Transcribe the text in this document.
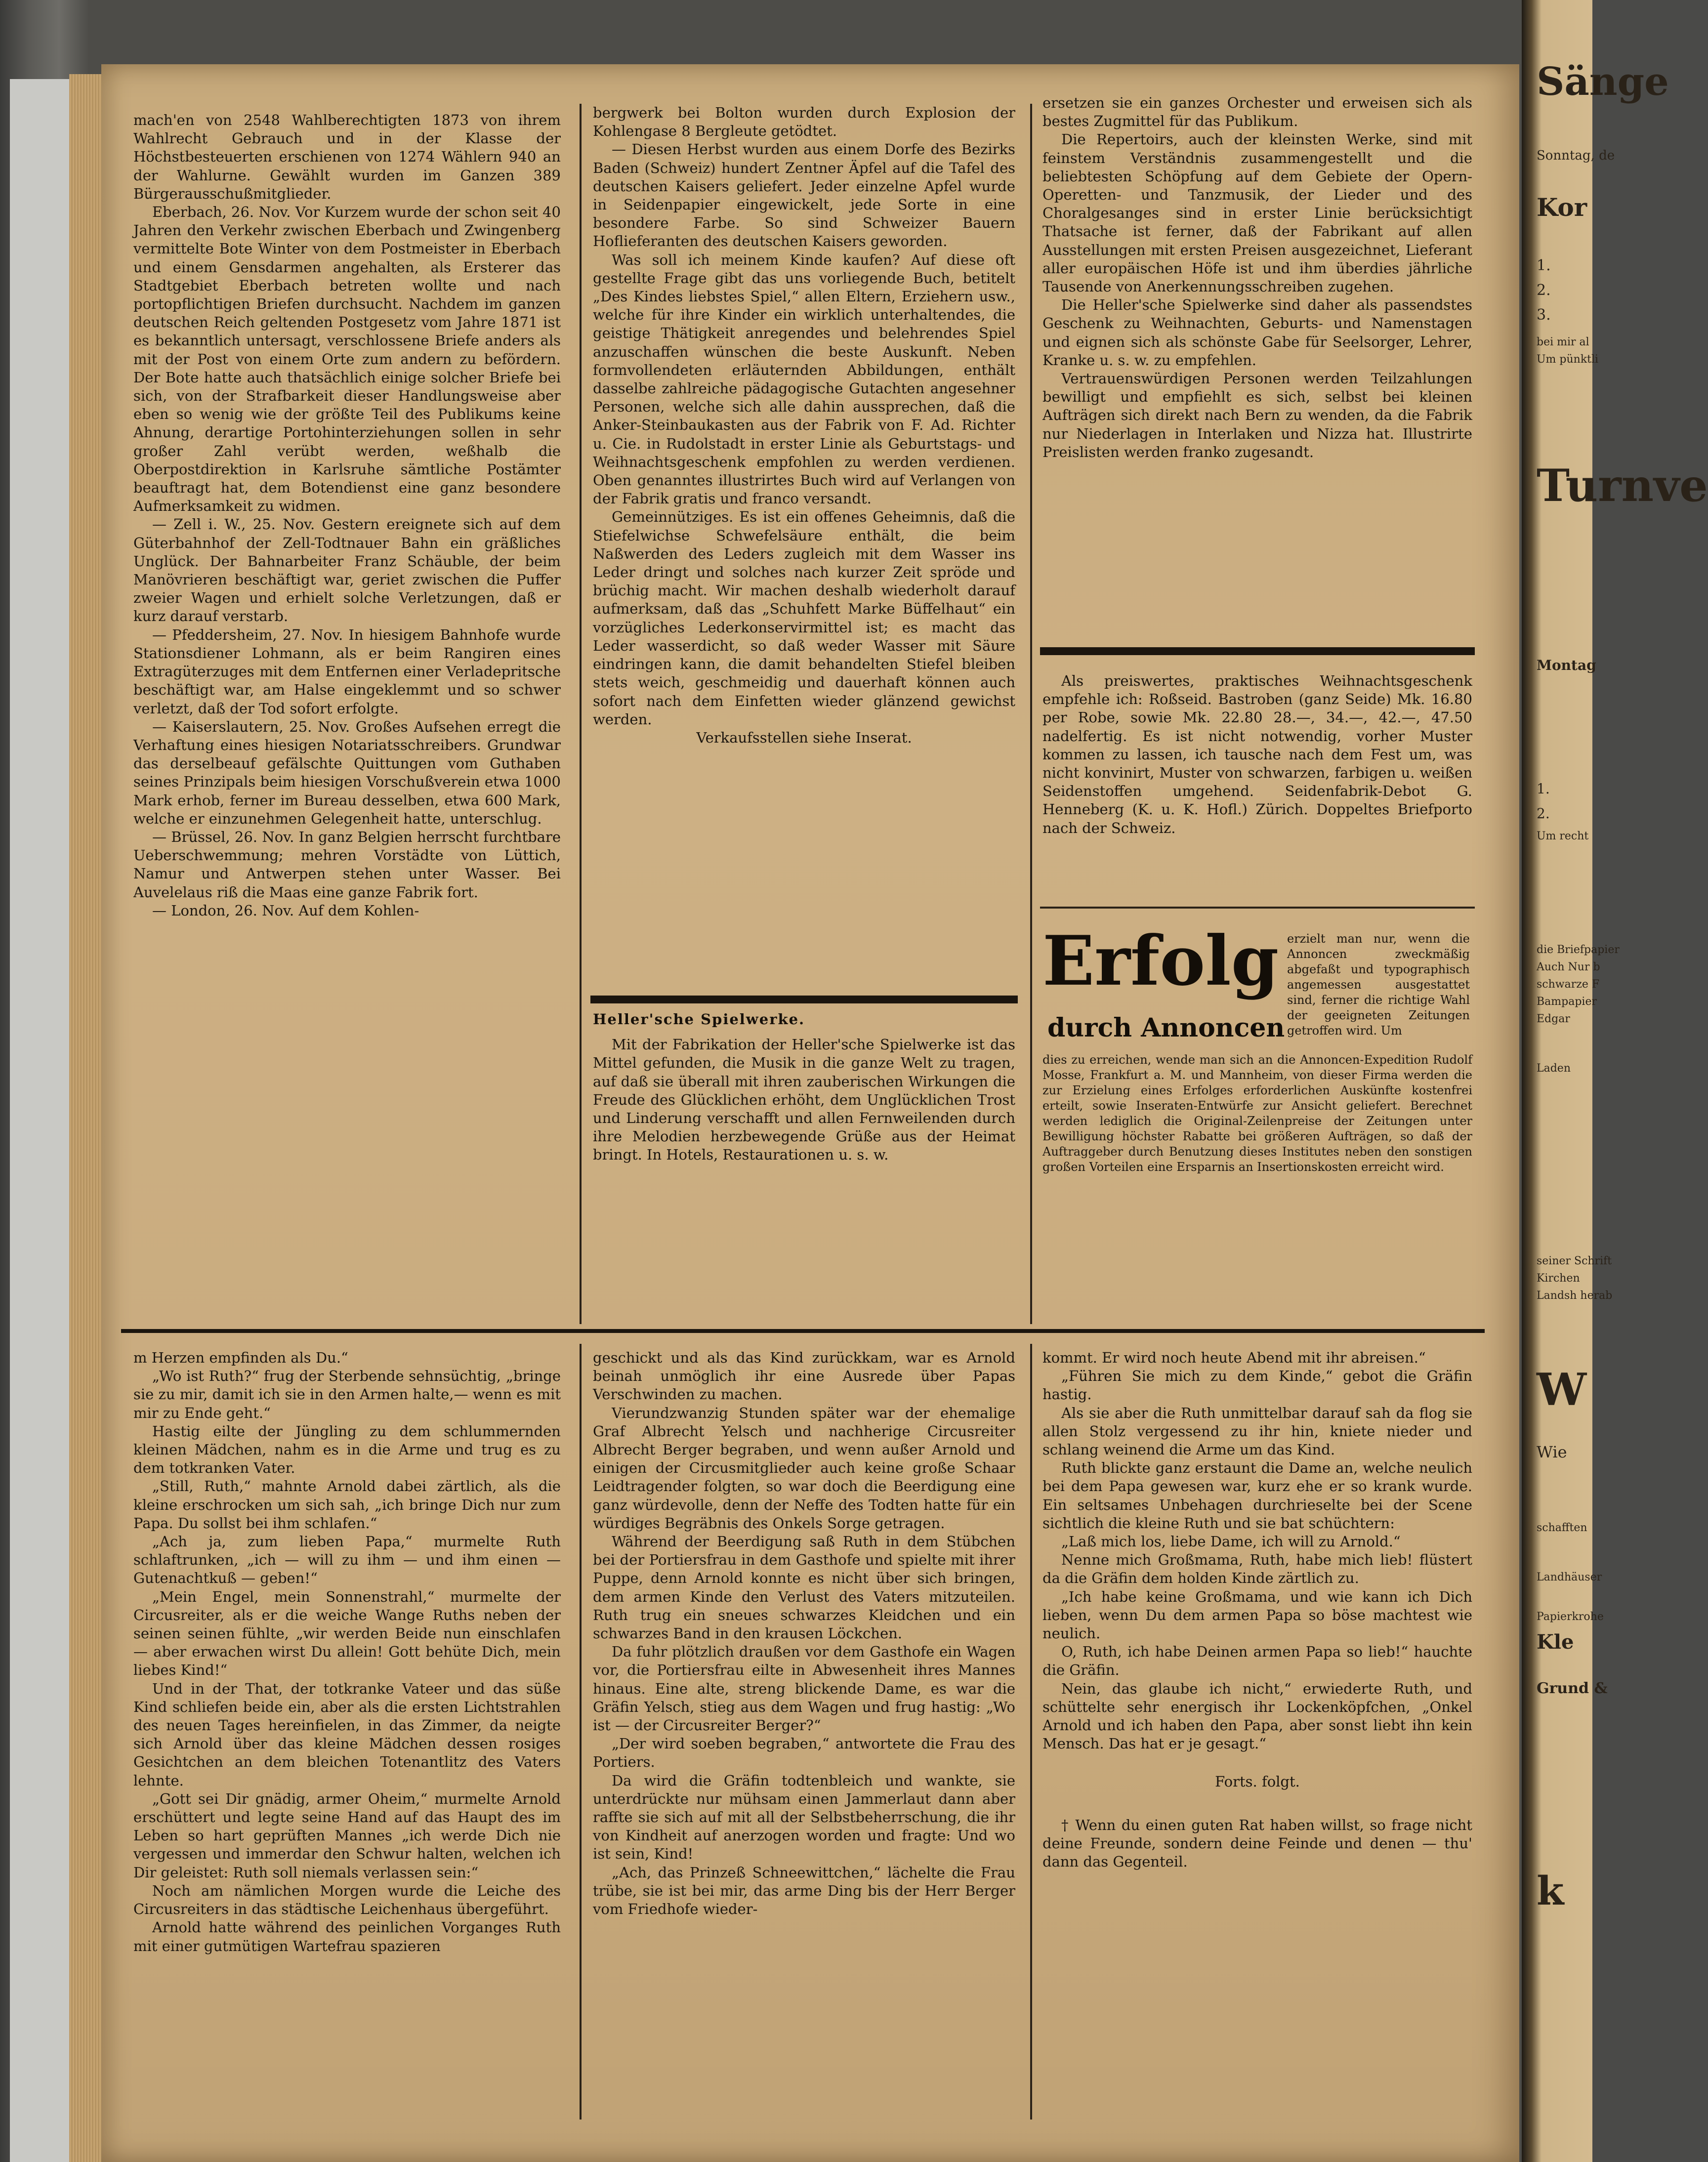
mach'en von 2548 Wahlberechtigten 1873 von ihrem Wahlrecht Gebrauch und in der Klasse der Höchstbesteuerten erschienen von 1274 Wählern 940 an der Wahlurne. Gewählt wurden im Ganzen 389 Bürgerausschußmitglieder.

Eberbach, 26. Nov. Vor Kurzem wurde der schon seit 40 Jahren den Verkehr zwischen Eberbach und Zwingenberg vermittelte Bote Winter von dem Postmeister in Eberbach und einem Gensdarmen angehalten, als Ersterer das Stadtgebiet Eberbach betreten wollte und nach portopflichtigen Briefen durchsucht. Nachdem im ganzen deutschen Reich geltenden Postgesetz vom Jahre 1871 ist es bekanntlich untersagt, verschlossene Briefe anders als mit der Post von einem Orte zum andern zu befördern. Der Bote hatte auch thatsächlich einige solcher Briefe bei sich, von der Strafbarkeit dieser Handlungsweise aber eben so wenig wie der größte Teil des Publikums keine Ahnung, derartige Portohinterziehungen sollen in sehr großer Zahl verübt werden, weßhalb die Oberpostdirektion in Karlsruhe sämtliche Postämter beauftragt hat, dem Botendienst eine ganz besondere Aufmerksamkeit zu widmen.

— Zell i. W., 25. Nov. Gestern ereignete sich auf dem Güterbahnhof der Zell-Todtnauer Bahn ein gräßliches Unglück. Der Bahnarbeiter Franz Schäuble, der beim Manövrieren beschäftigt war, geriet zwischen die Puffer zweier Wagen und erhielt solche Verletzungen, daß er kurz darauf verstarb.

— Pfeddersheim, 27. Nov. In hiesigem Bahnhofe wurde Stationsdiener Lohmann, als er beim Rangiren eines Extragüterzuges mit dem Entfernen einer Verladepritsche beschäftigt war, am Halse eingeklemmt und so schwer verletzt, daß der Tod sofort erfolgte.

— Kaiserslautern, 25. Nov. Großes Aufsehen erregt die Verhaftung eines hiesigen Notariatsschreibers. Grundwar das derselbeauf gefälschte Quittungen vom Guthaben seines Prinzipals beim hiesigen Vorschußverein etwa 1000 Mark erhob, ferner im Bureau desselben, etwa 600 Mark, welche er einzunehmen Gelegenheit hatte, unterschlug.

— Brüssel, 26. Nov. In ganz Belgien herrscht furchtbare Ueberschwemmung; mehren Vorstädte von Lüttich, Namur und Antwerpen stehen unter Wasser. Bei Auvelelaus riß die Maas eine ganze Fabrik fort.

— London, 26. Nov. Auf dem Kohlen-

bergwerk bei Bolton wurden durch Explosion der Kohlengase 8 Bergleute getödtet.

— Diesen Herbst wurden aus einem Dorfe des Bezirks Baden (Schweiz) hundert Zentner Äpfel auf die Tafel des deutschen Kaisers geliefert. Jeder einzelne Apfel wurde in Seidenpapier eingewickelt, jede Sorte in eine besondere Farbe. So sind Schweizer Bauern Hoflieferanten des deutschen Kaisers geworden.

Was soll ich meinem Kinde kaufen? Auf diese oft gestellte Frage gibt das uns vorliegende Buch, betitelt „Des Kindes liebstes Spiel,“ allen Eltern, Erziehern usw., welche für ihre Kinder ein wirklich unterhaltendes, die geistige Thätigkeit anregendes und belehrendes Spiel anzuschaffen wünschen die beste Auskunft. Neben formvollendeten erläuternden Abbildungen, enthält dasselbe zahlreiche pädagogische Gutachten angesehner Personen, welche sich alle dahin aussprechen, daß die Anker-Steinbaukasten aus der Fabrik von F. Ad. Richter u. Cie. in Rudolstadt in erster Linie als Geburtstags- und Weihnachtsgeschenk empfohlen zu werden verdienen. Oben genanntes illustrirtes Buch wird auf Verlangen von der Fabrik gratis und franco versandt.

Gemeinnütziges. Es ist ein offenes Geheimnis, daß die Stiefelwichse Schwefelsäure enthält, die beim Naßwerden des Leders zugleich mit dem Wasser ins Leder dringt und solches nach kurzer Zeit spröde und brüchig macht. Wir machen deshalb wiederholt darauf aufmerksam, daß das „Schuhfett Marke Büffelhaut“ ein vorzügliches Lederkonservirmittel ist; es macht das Leder wasserdicht, so daß weder Wasser mit Säure eindringen kann, die damit behandelten Stiefel bleiben stets weich, geschmeidig und dauerhaft können auch sofort nach dem Einfetten wieder glänzend gewichst werden.

Verkaufsstellen siehe Inserat.

Heller'sche Spielwerke.

Mit der Fabrikation der Heller'sche Spielwerke ist das Mittel gefunden, die Musik in die ganze Welt zu tragen, auf daß sie überall mit ihren zauberischen Wirkungen die Freude des Glücklichen erhöht, dem Unglücklichen Trost und Linderung verschafft und allen Fernweilenden durch ihre Melodien herzbewegende Grüße aus der Heimat bringt. In Hotels, Restaurationen u. s. w.

ersetzen sie ein ganzes Orchester und erweisen sich als bestes Zugmittel für das Publikum.

Die Repertoirs, auch der kleinsten Werke, sind mit feinstem Verständnis zusammengestellt und die beliebtesten Schöpfung auf dem Gebiete der Opern-Operetten- und Tanzmusik, der Lieder und des Choralgesanges sind in erster Linie berücksichtigt Thatsache ist ferner, daß der Fabrikant auf allen Ausstellungen mit ersten Preisen ausgezeichnet, Lieferant aller europäischen Höfe ist und ihm überdies jährliche Tausende von Anerkennungsschreiben zugehen.

Die Heller'sche Spielwerke sind daher als passendstes Geschenk zu Weihnachten, Geburts- und Namenstagen und eignen sich als schönste Gabe für Seelsorger, Lehrer, Kranke u. s. w. zu empfehlen.

Vertrauenswürdigen Personen werden Teilzahlungen bewilligt und empfiehlt es sich, selbst bei kleinen Aufträgen sich direkt nach Bern zu wenden, da die Fabrik nur Niederlagen in Interlaken und Nizza hat. Illustrirte Preislisten werden franko zugesandt.

Als preiswertes, praktisches Weihnachtsgeschenk empfehle ich: Roßseid. Bastroben (ganz Seide) Mk. 16.80 per Robe, sowie Mk. 22.80 28.—, 34.—, 42.—, 47.50 nadelfertig. Es ist nicht notwendig, vorher Muster kommen zu lassen, ich tausche nach dem Fest um, was nicht konvinirt, Muster von schwarzen, farbigen u. weißen Seidenstoffen umgehend. Seidenfabrik-Debot G. Henneberg (K. u. K. Hofl.) Zürich. Doppeltes Briefporto nach der Schweiz.

Erfolg erzielt man nur, wenn die Annoncen zweckmäßig abgefaßt und typographisch angemessen ausgestattet sind, ferner die richtige Wahl der geeigneten Zeitungen getroffen wird. Um

durch Annoncen

dies zu erreichen, wende man sich an die Annoncen-Expedition Rudolf Mosse, Frankfurt a. M. und Mannheim, von dieser Firma werden die zur Erzielung eines Erfolges erforderlichen Auskünfte kostenfrei erteilt, sowie Inseraten-Entwürfe zur Ansicht geliefert. Berechnet werden lediglich die Original-Zeilenpreise der Zeitungen unter Bewilligung höchster Rabatte bei größeren Aufträgen, so daß der Auftraggeber durch Benutzung dieses Institutes neben den sonstigen großen Vorteilen eine Ersparnis an Insertionskosten erreicht wird.

m Herzen empfinden als Du.“

„Wo ist Ruth?“ frug der Sterbende sehnsüchtig, „bringe sie zu mir, damit ich sie in den Armen halte,— wenn es mit mir zu Ende geht.“

Hastig eilte der Jüngling zu dem schlummernden kleinen Mädchen, nahm es in die Arme und trug es zu dem totkranken Vater.

„Still, Ruth,“ mahnte Arnold dabei zärtlich, als die kleine erschrocken um sich sah, „ich bringe Dich nur zum Papa. Du sollst bei ihm schlafen.“

„Ach ja, zum lieben Papa,“ murmelte Ruth schlaftrunken, „ich — will zu ihm — und ihm einen — Gutenachtkuß — geben!“

„Mein Engel, mein Sonnenstrahl,“ murmelte der Circusreiter, als er die weiche Wange Ruths neben der seinen seinen fühlte, „wir werden Beide nun einschlafen — aber erwachen wirst Du allein! Gott behüte Dich, mein liebes Kind!“

Und in der That, der totkranke Vateer und das süße Kind schliefen beide ein, aber als die ersten Lichtstrahlen des neuen Tages hereinfielen, in das Zimmer, da neigte sich Arnold über das kleine Mädchen dessen rosiges Gesichtchen an dem bleichen Totenantlitz des Vaters lehnte.

„Gott sei Dir gnädig, armer Oheim,“ murmelte Arnold erschüttert und legte seine Hand auf das Haupt des im Leben so hart geprüften Mannes „ich werde Dich nie vergessen und immerdar den Schwur halten, welchen ich Dir geleistet: Ruth soll niemals verlassen sein:“

Noch am nämlichen Morgen wurde die Leiche des Circusreiters in das städtische Leichenhaus übergeführt.

Arnold hatte während des peinlichen Vorganges Ruth mit einer gutmütigen Wartefrau spazieren

geschickt und als das Kind zurückkam, war es Arnold beinah unmöglich ihr eine Ausrede über Papas Verschwinden zu machen.

Vierundzwanzig Stunden später war der ehemalige Graf Albrecht Yelsch und nachherige Circusreiter Albrecht Berger begraben, und wenn außer Arnold und einigen der Circusmitglieder auch keine große Schaar Leidtragender folgten, so war doch die Beerdigung eine ganz würdevolle, denn der Neffe des Todten hatte für ein würdiges Begräbnis des Onkels Sorge getragen.

Während der Beerdigung saß Ruth in dem Stübchen bei der Portiersfrau in dem Gasthofe und spielte mit ihrer Puppe, denn Arnold konnte es nicht über sich bringen, dem armen Kinde den Verlust des Vaters mitzuteilen. Ruth trug ein sneues schwarzes Kleidchen und ein schwarzes Band in den krausen Löckchen.

Da fuhr plötzlich draußen vor dem Gasthofe ein Wagen vor, die Portiersfrau eilte in Abwesenheit ihres Mannes hinaus. Eine alte, streng blickende Dame, es war die Gräfin Yelsch, stieg aus dem Wagen und frug hastig: „Wo ist — der Circusreiter Berger?“

„Der wird soeben begraben,“ antwortete die Frau des Portiers.

Da wird die Gräfin todtenbleich und wankte, sie unterdrückte nur mühsam einen Jammerlaut dann aber raffte sie sich auf mit all der Selbstbeherrschung, die ihr von Kindheit auf anerzogen worden und fragte: Und wo ist sein, Kind!

„Ach, das Prinzeß Schneewittchen,“ lächelte die Frau trübe, sie ist bei mir, das arme Ding bis der Herr Berger vom Friedhofe wieder-

kommt. Er wird noch heute Abend mit ihr abreisen.“

„Führen Sie mich zu dem Kinde,“ gebot die Gräfin hastig.

Als sie aber die Ruth unmittelbar darauf sah da flog sie allen Stolz vergessend zu ihr hin, kniete nieder und schlang weinend die Arme um das Kind.

Ruth blickte ganz erstaunt die Dame an, welche neulich bei dem Papa gewesen war, kurz ehe er so krank wurde. Ein seltsames Unbehagen durchrieselte bei der Scene sichtlich die kleine Ruth und sie bat schüchtern:

„Laß mich los, liebe Dame, ich will zu Arnold.“

Nenne mich Großmama, Ruth, habe mich lieb! flüstert da die Gräfin dem holden Kinde zärtlich zu.

„Ich habe keine Großmama, und wie kann ich Dich lieben, wenn Du dem armen Papa so böse machtest wie neulich.

O, Ruth, ich habe Deinen armen Papa so lieb!“ hauchte die Gräfin.

Nein, das glaube ich nicht,“ erwiederte Ruth, und schüttelte sehr energisch ihr Lockenköpfchen, „Onkel Arnold und ich haben den Papa, aber sonst liebt ihn kein Mensch. Das hat er je gesagt.“

Forts. folgt.

† Wenn du einen guten Rat haben willst, so frage nicht deine Freunde, sondern deine Feinde und denen — thu' dann das Gegenteil.

Sänge
Sonntag, de
Kor
1.
2.
3.
bei mir al
Um pünktli
Turnve
Montag
1.
2.
Um recht
die Briefpapier
Auch Nur b
schwarze F
Bampapier
Edgar
Laden
seiner Schrift
Kirchen
Landsh herab
W
Wie
schafften
Landhäuser
Papierkrohe
Kle
Grund &
k
